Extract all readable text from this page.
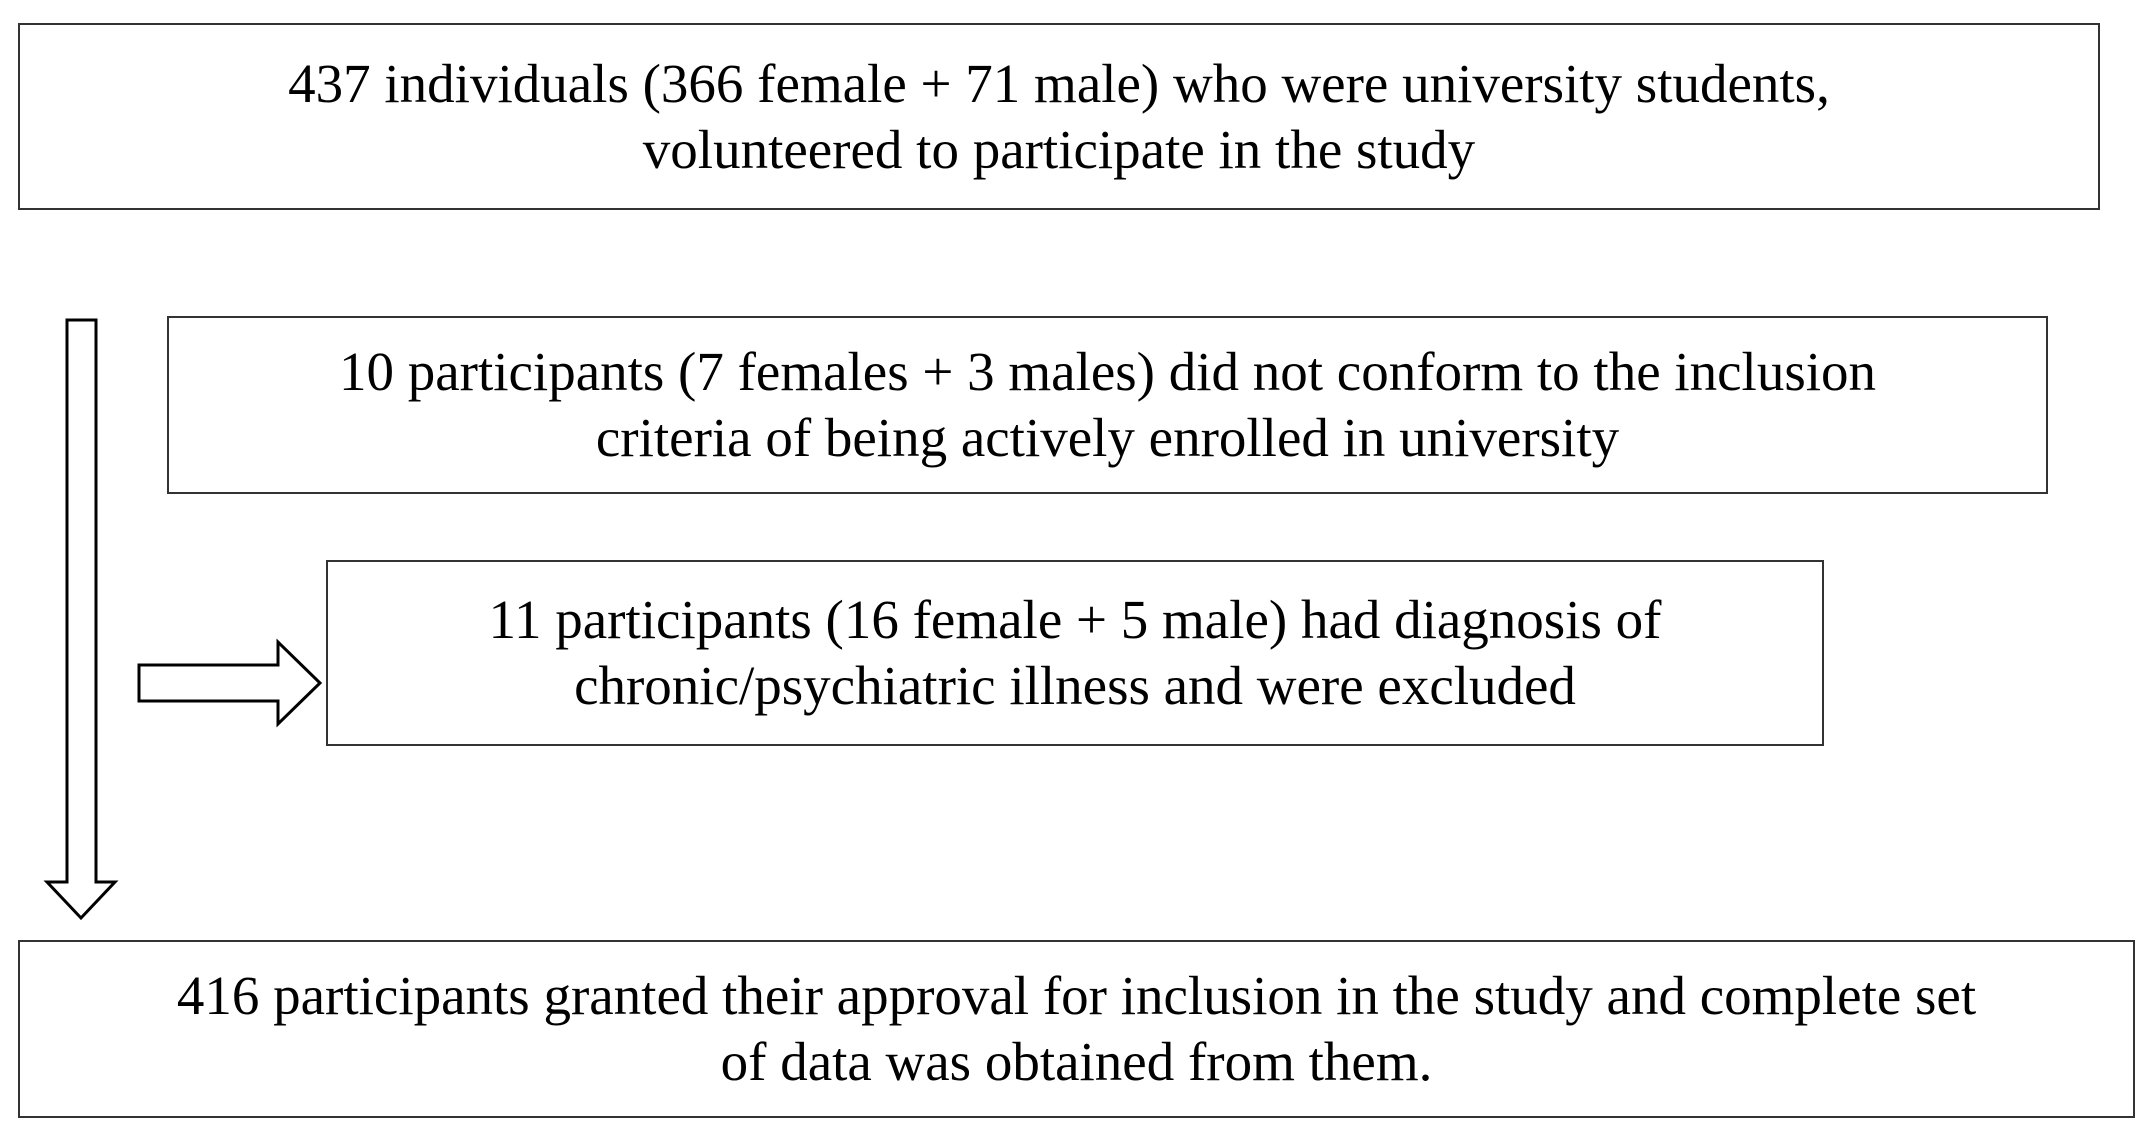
437 individuals (366 female + 71 male) who were university students,
volunteered to participate in the study
10 participants (7 females + 3 males) did not conform to the inclusion
criteria of being actively enrolled in university
11 participants (16 female + 5 male) had diagnosis of
chronic/psychiatric illness and were excluded
416 participants granted their approval for inclusion in the study and complete set
of data was obtained from them.
